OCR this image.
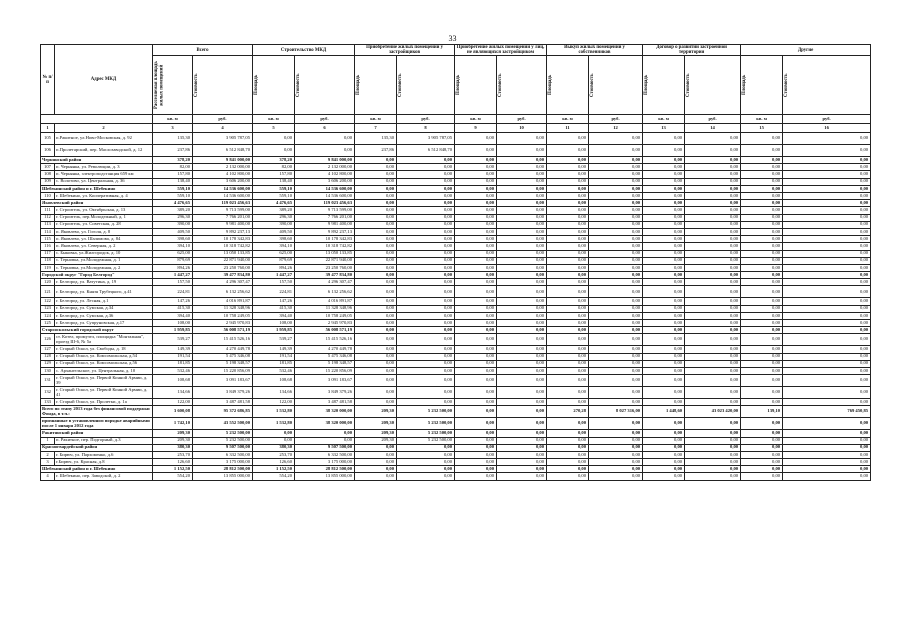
33
№ п/п	Адрес МКД	Всего		Строительство МКД		Приобретение жилых помещений у застройщиков		Приобретение жилых помещений у лиц, не являющихся застройщиком		Выкуп жилых помещений у собственников		Договор о развитии застроенной территории		Другие	

		Расселяемая площадь жилых помещений	Стоимость	Площадь	Стоимость	Площадь	Стоимость	Площадь	Стоимость	Площадь	Стоимость	Площадь	Стоимость	Площадь	Стоимость

		кв. м	руб.	кв. м	руб.	кв. м	руб.	кв. м	руб.	кв. м	руб.	кв. м	руб.	кв. м	руб.
1	2	3	4	5	6	7	8	9	10	11	12	13	14	15	16
105	п.Ракитное, ул.Ново-Московская, д. 92	135,30	3 905 787,05	0,00	0,00	135,30	3 905 787,05	0,00	0,00	0,00	0,00	0,00	0,00	0,00	0,00
106	п.Пролетарский, пер. Маслозаводской, д. 12	237,86	6 512 848,70	0,00	0,00	237,86	6 512 848,70	0,00	0,00	0,00	0,00	0,00	0,00	0,00	0,00
Чернянский район		378,20	9 841 000,00	378,20	9 841 000,00	0,00	0,00	0,00	0,00	0,00	0,00	0,00	0,00	0,00	0,00
107	п. Чернянка, ул. Революции, д. 3	82,00	2 132 000,00	82,00	2 132 000,00	0,00	0,00	0,00	0,00	0,00	0,00	0,00	0,00	0,00	0,00
108	п. Чернянка, электроподстанция 659 км	157,80	4 102 800,00	157,80	4 102 800,00	0,00	0,00	0,00	0,00	0,00	0,00	0,00	0,00	0,00	0,00
109	с. Волотово, ул. Центральная, д. 36	138,40	3 606 200,00	138,40	3 606 200,00	0,00	0,00	0,00	0,00	0,00	0,00	0,00	0,00	0,00	0,00
Шебекинский район и г. Шебекино		559,10	14 536 600,00	559,10	14 536 600,00	0,00	0,00	0,00	0,00	0,00	0,00	0,00	0,00	0,00	0,00
110	г. Шебекино, ул. Кооперативная, д. 4	559,10	14 536 600,00	559,10	14 536 600,00	0,00	0,00	0,00	0,00	0,00	0,00	0,00	0,00	0,00	0,00
Яковлевский район		4 476,65	119 023 456,63	4 476,65	119 023 456,63	0,00	0,00	0,00	0,00	0,00	0,00	0,00	0,00	0,00	0,00
111	г. Строитель, ул. Октябрьская, д. 13	389,20	9 713 599,00	389,20	9 713 599,00	0,00	0,00	0,00	0,00	0,00	0,00	0,00	0,00	0,00	0,00
112	г. Строитель, пер.Молодежный, д. 1	296,30	7 766 201,00	296,30	7 766 201,00	0,00	0,00	0,00	0,00	0,00	0,00	0,00	0,00	0,00	0,00
113	г. Строитель, ул. Советская, д. 28	390,00	9 981 400,00	390,00	9 981 400,00	0,00	0,00	0,00	0,00	0,00	0,00	0,00	0,00	0,00	0,00
114	п. Яковлево, ул. Гоголя, д. 8	409,50	9 892 237,13	409,50	9 892 237,13	0,00	0,00	0,00	0,00	0,00	0,00	0,00	0,00	0,00	0,00
115	п. Яковлево, ул. Шалимова, д. 84	398,60	10 178 342,83	398,60	10 178 342,83	0,00	0,00	0,00	0,00	0,00	0,00	0,00	0,00	0,00	0,00
116	п. Яковлево, ул. Северная, д. 2	394,10	10 318 742,82	394,10	10 318 742,82	0,00	0,00	0,00	0,00	0,00	0,00	0,00	0,00	0,00	0,00
117	с. Быковка, ул.Жилгородок, д. 10	625,00	13 050 133,85	625,00	13 050 133,85	0,00	0,00	0,00	0,00	0,00	0,00	0,00	0,00	0,00	0,00
118	с. Терновка, ул.Молодежная, д. 1	879,69	22 871 940,00	879,69	22 871 940,00	0,00	0,00	0,00	0,00	0,00	0,00	0,00	0,00	0,00	0,00
119	с. Терновка, ул.Молодежная, д. 2	894,26	23 250 760,00	894,26	23 250 760,00	0,00	0,00	0,00	0,00	0,00	0,00	0,00	0,00	0,00	0,00
Городской округ "Город Белгород"		1 447,27	39 477 834,80	1 447,27	39 477 834,80	0,00	0,00	0,00	0,00	0,00	0,00	0,00	0,00	0,00	0,00
120	г. Белгород, ул. Ватутина, д. 19	157,50	4 296 307,47	157,50	4 296 307,47	0,00	0,00	0,00	0,00	0,00	0,00	0,00	0,00	0,00	0,00
121	г. Белгород, ул. Князя Трубецкого, д.41	224,81	6 132 256,62	224,81	6 132 256,62	0,00	0,00	0,00	0,00	0,00	0,00	0,00	0,00	0,00	0,00
122	г. Белгород, ул. Лесная, д.1	147,26	4 016 891,87	147,26	4 016 891,87	0,00	0,00	0,00	0,00	0,00	0,00	0,00	0,00	0,00	0,00
123	г. Белгород, ул. Сумская, д.34	415,30	11 328 348,96	415,30	11 328 348,96	0,00	0,00	0,00	0,00	0,00	0,00	0,00	0,00	0,00	0,00
124	г. Белгород, ул. Сумская, д.36	394,40	10 758 249,05	394,40	10 758 249,05	0,00	0,00	0,00	0,00	0,00	0,00	0,00	0,00	0,00	0,00
125	г. Белгород, ул. Супруновская, д.17	108,00	2 945 970,83	108,00	2 945 970,83	0,00	0,00	0,00	0,00	0,00	0,00	0,00	0,00	0,00	0,00
Старооскольский городской округ		1 959,85	56 008 571,19	1 959,85	56 008 571,19	0,00	0,00	0,00	0,00	0,00	0,00	0,00	0,00	0,00	0,00
126	ст. Котел, промузел, площадка "Монтажная", проезд Ш-6, № 5а	539,27	15 415 526,16	539,27	15 415 526,16	0,00	0,00	0,00	0,00	0,00	0,00	0,00	0,00	0,00	0,00
127	г. Старый Оскол, ул. Свободы, д. 18	149,39	4 270 449,78	149,39	4 270 449,78	0,00	0,00	0,00	0,00	0,00	0,00	0,00	0,00	0,00	0,00
128	г. Старый Оскол, ул. Комсомольская, д.54	191,54	5 475 346,08	191,54	5 475 346,08	0,00	0,00	0,00	0,00	0,00	0,00	0,00	0,00	0,00	0,00
129	г. Старый Оскол, ул. Комсомольская, д.56	181,85	5 198 348,57	181,85	5 198 348,57	0,00	0,00	0,00	0,00	0,00	0,00	0,00	0,00	0,00	0,00
130	с. Архангельское, ул. Центральная, д. 10	532,46	15 220 856,09	532,46	15 220 856,09	0,00	0,00	0,00	0,00	0,00	0,00	0,00	0,00	0,00	0,00
131	г. Старый Оскол, ул. Первой Конной Армии, д. 39	108,68	3 091 183,67	108,68	3 091 183,67	0,00	0,00	0,00	0,00	0,00	0,00	0,00	0,00	0,00	0,00
132	г. Старый Оскол, ул. Первой Конной Армии, д. 41	134,66	3 849 379,26	134,66	3 849 379,26	0,00	0,00	0,00	0,00	0,00	0,00	0,00	0,00	0,00	0,00
133	г. Старый Оскол, ул. Пролетки, д. 1а	122,00	3 487 481,58	122,00	3 487 481,58	0,00	0,00	0,00	0,00	0,00	0,00	0,00	0,00	0,00	0,00
Всего по этапу 2013 года без финансовой поддержки Фонда, в т.ч.:		3 600,08	95 372 686,85	1 532,80	38 320 000,00	209,30	5 232 500,00	0,00	0,00	270,28	8 027 316,00	1 448,60	43 023 420,00	139,10	769 450,85
признанные в установленном порядке аварийными после 1 января 2012 года		1 742,10	43 552 500,00	1 532,80	38 320 000,00	209,30	5 232 500,00	0,00	0,00	0,00	0,00	0,00	0,00	0,00	0,00
Ракитянский район		209,30	5 232 500,00	0,00	0,00	209,30	5 232 500,00	0,00	0,00	0,00	0,00	0,00	0,00	0,00	0,00
1	п. Ракитное, пер. Подгорный, д.3	209,30	5 232 500,00	0,00	0,00	209,30	5 232 500,00	0,00	0,00	0,00	0,00	0,00	0,00	0,00	0,00
Красногвардейский район		380,30	9 507 500,00	380,30	9 507 500,00	0,00	0,00	0,00	0,00	0,00	0,00	0,00	0,00	0,00	0,00
2	г. Бирюч, ул. Пархоменко, д.6	253,70	6 332 500,00	253,70	6 332 500,00	0,00	0,00	0,00	0,00	0,00	0,00	0,00	0,00	0,00	0,00
3	г.Бирюч, ул. Красная, д.8	126,60	3 175 000,00	126,60	3 175 000,00	0,00	0,00	0,00	0,00	0,00	0,00	0,00	0,00	0,00	0,00
Шебекинский район и г. Шебекино		1 152,50	28 812 500,00	1 152,50	28 812 500,00	0,00	0,00	0,00	0,00	0,00	0,00	0,00	0,00	0,00	0,00
4	г. Шебекино, пер. Заводской, д. 2	554,20	13 855 000,00	554,20	13 855 000,00	0,00	0,00	0,00	0,00	0,00	0,00	0,00	0,00	0,00	0,00
